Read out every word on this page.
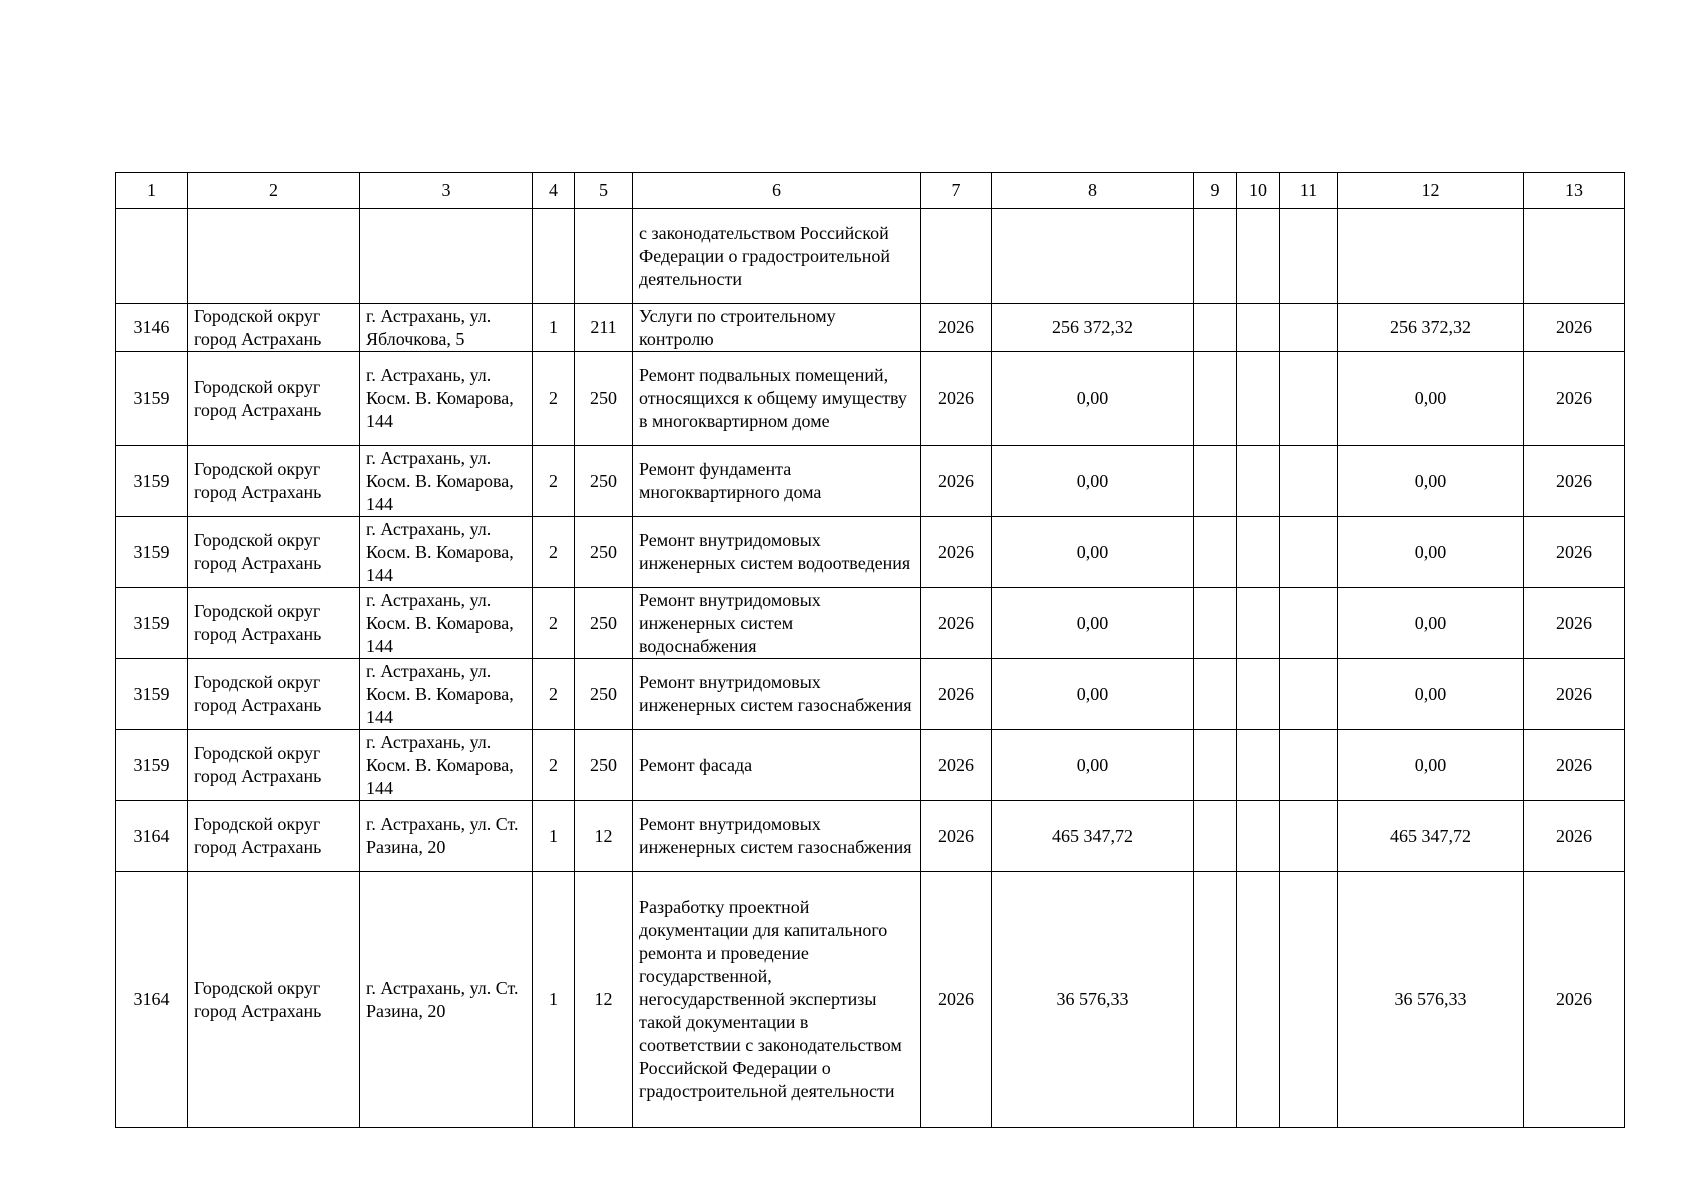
1	2	3	4	5	6	7	8	9	10	11	12	13
					с законодательством Российской Федерации о градостроительной деятельности							
3146	Городской округ город Астрахань	г. Астрахань, ул. Яблочкова, 5	1	211	Услуги по строительному контролю	2026	256 372,32				256 372,32	2026
3159	Городской округ город Астрахань	г. Астрахань, ул. Косм. В. Комарова, 144	2	250	Ремонт подвальных помещений, относящихся к общему имуществу в многоквартирном доме	2026	0,00				0,00	2026
3159	Городской округ город Астрахань	г. Астрахань, ул. Косм. В. Комарова, 144	2	250	Ремонт фундамента многоквартирного дома	2026	0,00				0,00	2026
3159	Городской округ город Астрахань	г. Астрахань, ул. Косм. В. Комарова, 144	2	250	Ремонт внутридомовых инженерных систем водоотведения	2026	0,00				0,00	2026
3159	Городской округ город Астрахань	г. Астрахань, ул. Косм. В. Комарова, 144	2	250	Ремонт внутридомовых инженерных систем водоснабжения	2026	0,00				0,00	2026
3159	Городской округ город Астрахань	г. Астрахань, ул. Косм. В. Комарова, 144	2	250	Ремонт внутридомовых инженерных систем газоснабжения	2026	0,00				0,00	2026
3159	Городской округ город Астрахань	г. Астрахань, ул. Косм. В. Комарова, 144	2	250	Ремонт фасада	2026	0,00				0,00	2026
3164	Городской округ город Астрахань	г. Астрахань, ул. Ст. Разина, 20	1	12	Ремонт внутридомовых инженерных систем газоснабжения	2026	465 347,72				465 347,72	2026
3164	Городской округ город Астрахань	г. Астрахань, ул. Ст. Разина, 20	1	12	Разработку проектной документации для капитального ремонта и проведение государственной, негосударственной экспертизы такой документации в соответствии с законодательством Российской Федерации о градостроительной деятельности	2026	36 576,33				36 576,33	2026
